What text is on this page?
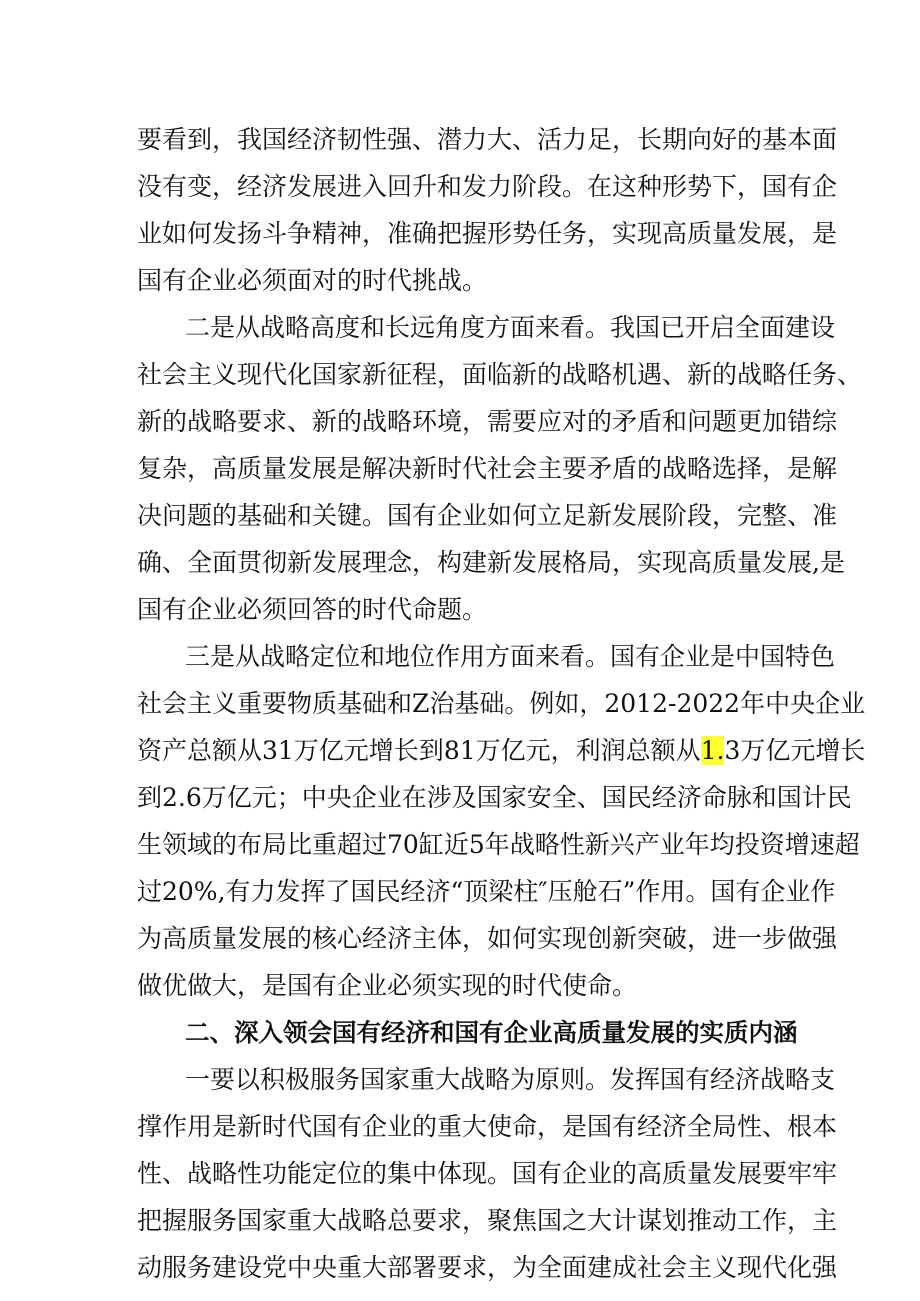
要看到，我国经济韧性强、潜力大、活力足，长期向好的基本面
没有变，经济发展进入回升和发力阶段。在这种形势下，国有企
业如何发扬斗争精神，准确把握形势任务，实现高质量发展，是
国有企业必须面对的时代挑战。
二是从战略高度和长远角度方面来看。我国已开启全面建设
社会主义现代化国家新征程，面临新的战略机遇、新的战略任务、
新的战略要求、新的战略环境，需要应对的矛盾和问题更加错综
复杂，高质量发展是解决新时代社会主要矛盾的战略选择，是解
决问题的基础和关键。国有企业如何立足新发展阶段，完整、准
确、全面贯彻新发展理念，构建新发展格局，实现高质量发展,是
国有企业必须回答的时代命题。
三是从战略定位和地位作用方面来看。国有企业是中国特色
社会主义重要物质基础和Z治基础。例如，2012-2022年中央企业
资产总额从31万亿元增长到81万亿元，利润总额从1.3万亿元增长
到2.6万亿元；中央企业在涉及国家安全、国民经济命脉和国计民
生领域的布局比重超过70缸近5年战略性新兴产业年均投资增速超
过20%,有力发挥了国民经济“顶梁柱″压舱石”作用。国有企业作
为高质量发展的核心经济主体，如何实现创新突破，进一步做强
做优做大，是国有企业必须实现的时代使命。
二、深入领会国有经济和国有企业高质量发展的实质内涵
一要以积极服务国家重大战略为原则。发挥国有经济战略支
撑作用是新时代国有企业的重大使命，是国有经济全局性、根本
性、战略性功能定位的集中体现。国有企业的高质量发展要牢牢
把握服务国家重大战略总要求，聚焦国之大计谋划推动工作，主
动服务建设党中央重大部署要求，为全面建成社会主义现代化强
